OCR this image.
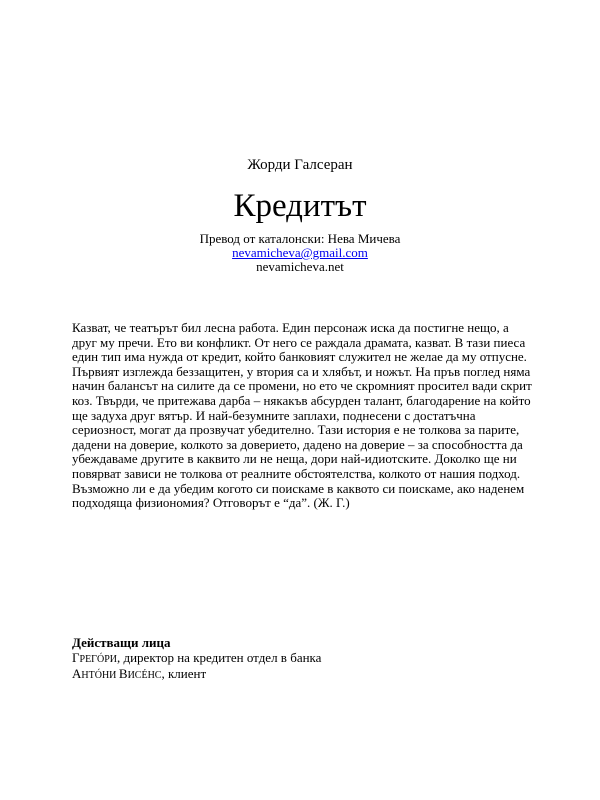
Жорди Галсеран
Кредитът
Превод от каталонски: Нева Мичева
nevamicheva@gmail.com
nevamicheva.net

Казват, че театърът бил лесна работа. Един персонаж иска да постигне нещо, а друг му пречи. Ето ви конфликт. От него се раждала драмата, казват. В тази пиеса един тип има нужда от кредит, който банковият служител не желае да му отпусне. Първият изглежда беззащитен, у втория са и хлябът, и ножът. На пръв поглед няма начин балансът на силите да се промени, но ето че скромният просител вади скрит коз. Твърди, че притежава дарба – някакъв абсурден талант, благодарение на който ще задуха друг вятър. И най-безумните заплахи, поднесени с достатъчна сериозност, могат да прозвучат убедително. Тази история е не толкова за парите, дадени на доверие, колкото за доверието, дадено на доверие – за способността да убеждаваме другите в каквито ли не неща, дори най-идиотските. Доколко ще ни повярват зависи не толкова от реалните обстоятелства, колкото от нашия подход. Възможно ли е да убедим когото си поискаме в каквото си поискаме, ако наденем подходяща физиономия? Отговорът е “да”. (Ж. Г.)

Действащи лица
ГРЕГÓРИ, директор на кредитен отдел в банка
АНТÓНИ ВИСÉНС, клиент
